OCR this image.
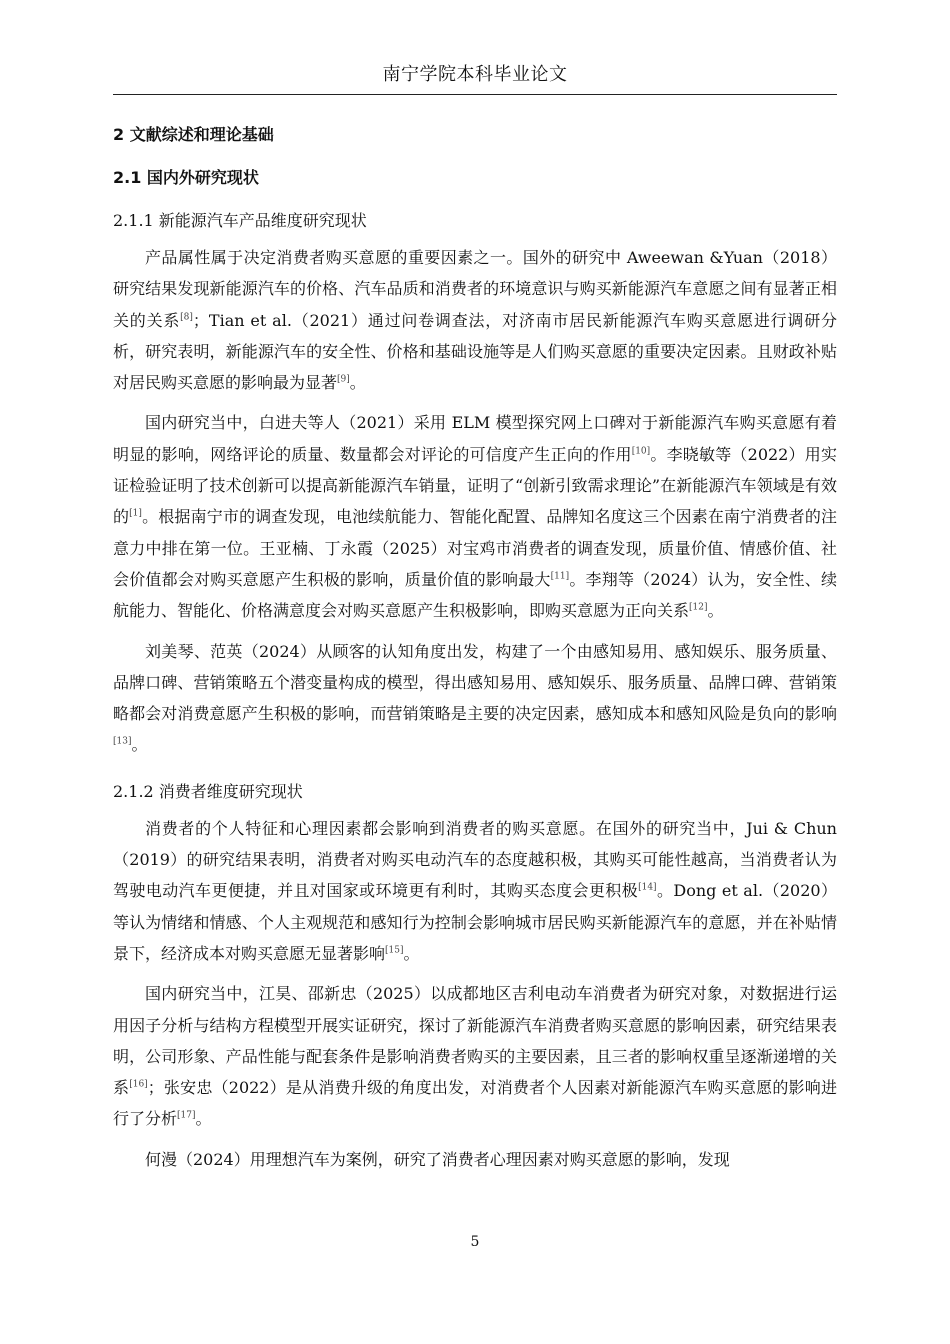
南宁学院本科毕业论文
2 文献综述和理论基础
2.1 国内外研究现状
2.1.1 新能源汽车产品维度研究现状

产品属性属于决定消费者购买意愿的重要因素之一。国外的研究中 Aweewan &Yuan（2018）研究结果发现新能源汽车的价格、汽车品质和消费者的环境意识与购买新能源汽车意愿之间有显著正相关的关系[8]；Tian et al.（2021）通过问卷调查法，对济南市居民新能源汽车购买意愿进行调研分析，研究表明，新能源汽车的安全性、价格和基础设施等是人们购买意愿的重要决定因素。且财政补贴对居民购买意愿的影响最为显著[9]。

国内研究当中，白进夫等人（2021）采用 ELM 模型探究网上口碑对于新能源汽车购买意愿有着明显的影响，网络评论的质量、数量都会对评论的可信度产生正向的作用[10]。李晓敏等（2022）用实证检验证明了技术创新可以提高新能源汽车销量，证明了“创新引致需求理论”在新能源汽车领域是有效的[1]。根据南宁市的调查发现，电池续航能力、智能化配置、品牌知名度这三个因素在南宁消费者的注意力中排在第一位。王亚楠、丁永霞（2025）对宝鸡市消费者的调查发现，质量价值、情感价值、社会价值都会对购买意愿产生积极的影响，质量价值的影响最大[11]。李翔等（2024）认为，安全性、续航能力、智能化、价格满意度会对购买意愿产生积极影响，即购买意愿为正向关系[12]。

刘美琴、范英（2024）从顾客的认知角度出发，构建了一个由感知易用、感知娱乐、服务质量、品牌口碑、营销策略五个潜变量构成的模型，得出感知易用、感知娱乐、服务质量、品牌口碑、营销策略都会对消费意愿产生积极的影响，而营销策略是主要的决定因素，感知成本和感知风险是负向的影响[13]。

2.1.2 消费者维度研究现状

消费者的个人特征和心理因素都会影响到消费者的购买意愿。在国外的研究当中，Jui & Chun（2019）的研究结果表明，消费者对购买电动汽车的态度越积极，其购买可能性越高，当消费者认为驾驶电动汽车更便捷，并且对国家或环境更有利时，其购买态度会更积极[14]。Dong et al.（2020）等认为情绪和情感、个人主观规范和感知行为控制会影响城市居民购买新能源汽车的意愿，并在补贴情景下，经济成本对购买意愿无显著影响[15]。

国内研究当中，江昊、邵新忠（2025）以成都地区吉利电动车消费者为研究对象，对数据进行运用因子分析与结构方程模型开展实证研究，探讨了新能源汽车消费者购买意愿的影响因素，研究结果表明，公司形象、产品性能与配套条件是影响消费者购买的主要因素，且三者的影响权重呈逐渐递增的关系[16]；张安忠（2022）是从消费升级的角度出发，对消费者个人因素对新能源汽车购买意愿的影响进行了分析[17]。

何漫（2024）用理想汽车为案例，研究了消费者心理因素对购买意愿的影响，发现

5
